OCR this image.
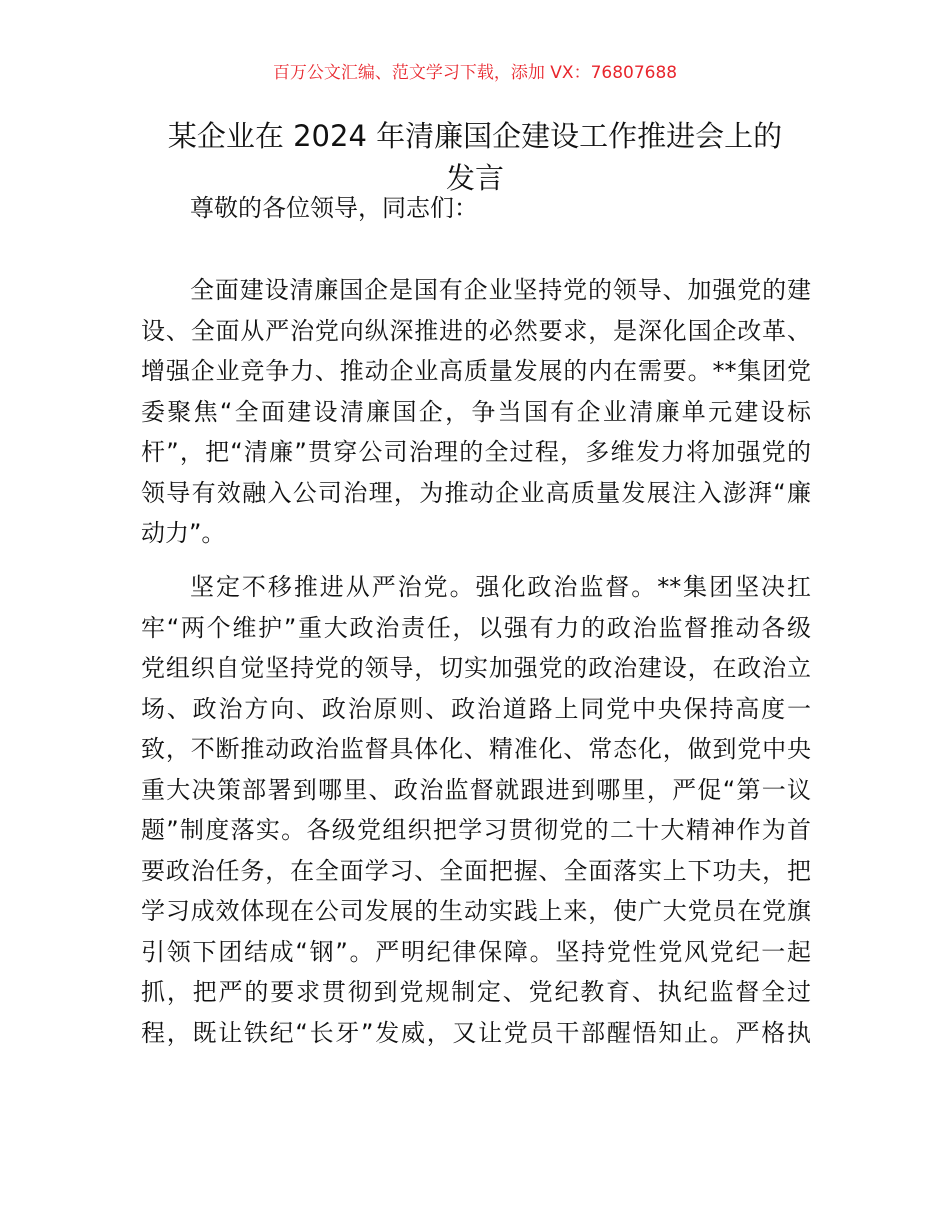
百万公文汇编、范文学习下载，添加 VX：76807688
某企业在 2024 年清廉国企建设工作推进会上的
发言
尊敬的各位领导，同志们：
全面建设清廉国企是国有企业坚持党的领导、加强党的建
设、全面从严治党向纵深推进的必然要求，是深化国企改革、
增强企业竞争力、推动企业高质量发展的内在需要。**集团党
委聚焦“全面建设清廉国企，争当国有企业清廉单元建设标
杆”，把“清廉”贯穿公司治理的全过程，多维发力将加强党的
领导有效融入公司治理，为推动企业高质量发展注入澎湃“廉
动力”。
坚定不移推进从严治党。强化政治监督。**集团坚决扛
牢“两个维护”重大政治责任，以强有力的政治监督推动各级
党组织自觉坚持党的领导，切实加强党的政治建设，在政治立
场、政治方向、政治原则、政治道路上同党中央保持高度一
致，不断推动政治监督具体化、精准化、常态化，做到党中央
重大决策部署到哪里、政治监督就跟进到哪里，严促“第一议
题”制度落实。各级党组织把学习贯彻党的二十大精神作为首
要政治任务，在全面学习、全面把握、全面落实上下功夫，把
学习成效体现在公司发展的生动实践上来，使广大党员在党旗
引领下团结成“钢”。严明纪律保障。坚持党性党风党纪一起
抓，把严的要求贯彻到党规制定、党纪教育、执纪监督全过
程，既让铁纪“长牙”发威，又让党员干部醒悟知止。严格执
